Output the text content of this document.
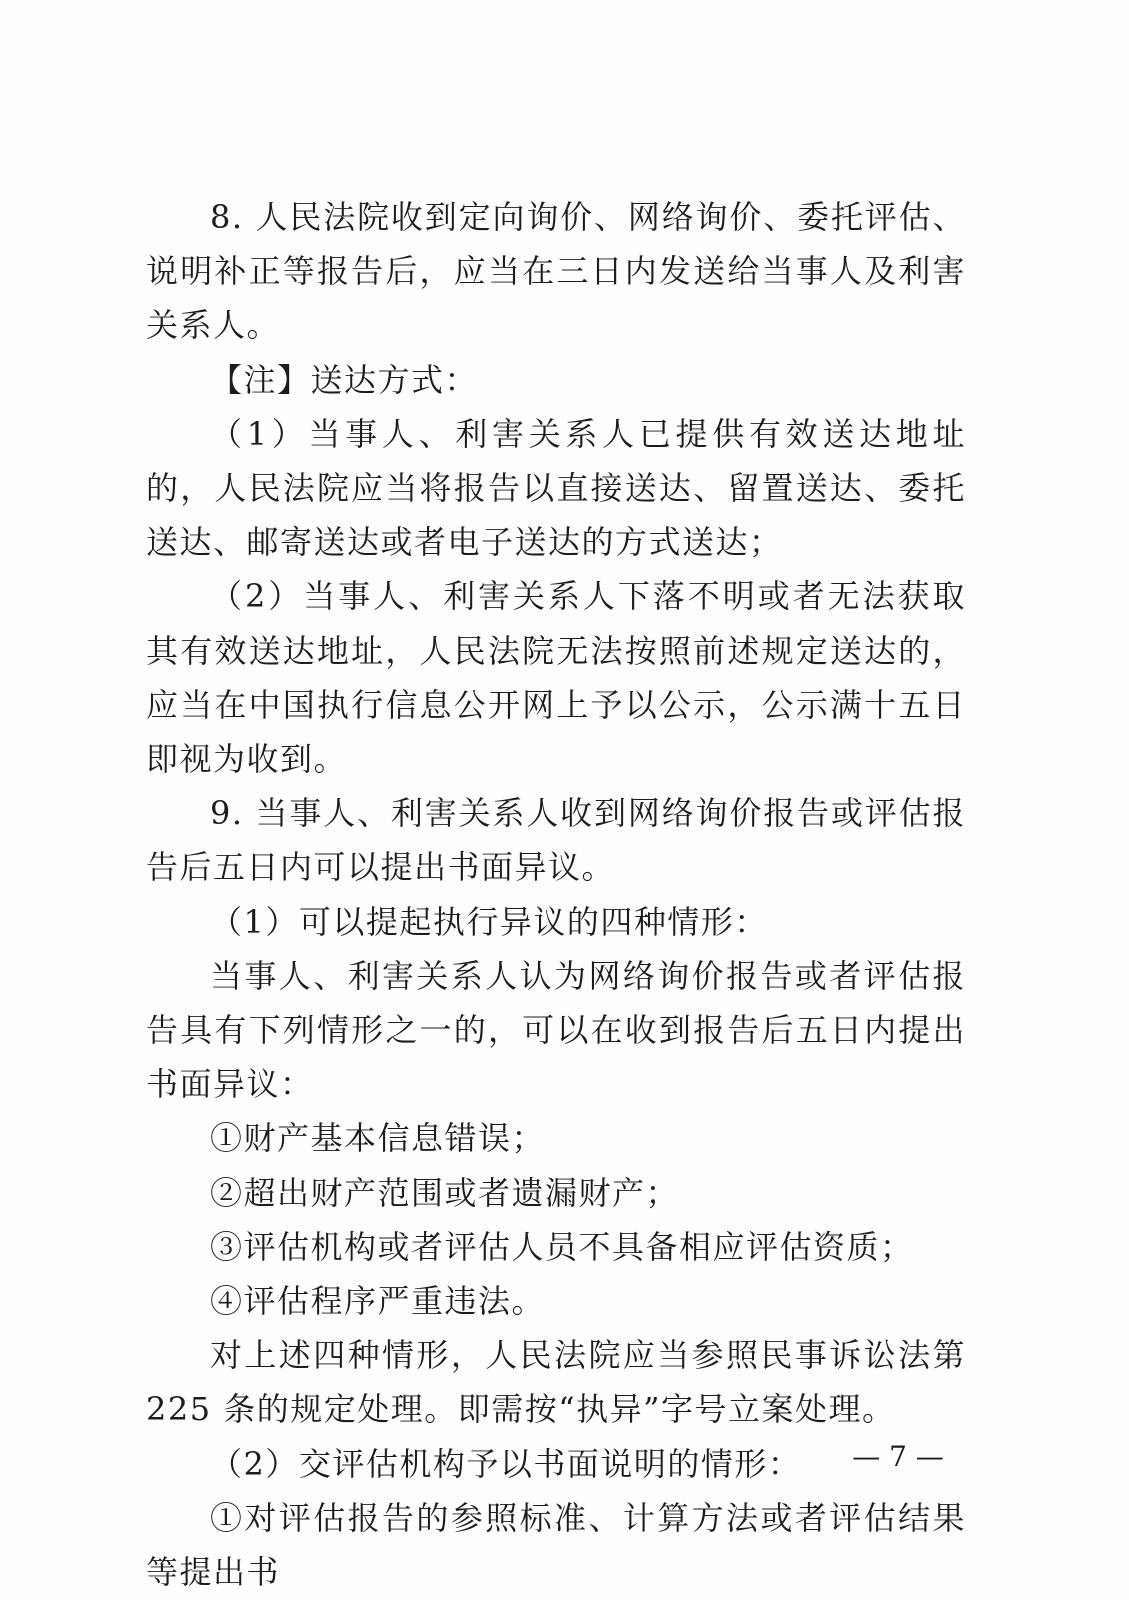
8. 人民法院收到定向询价、网络询价、委托评估、说明补正等报告后，应当在三日内发送给当事人及利害关系人。

【注】送达方式：

（1）当事人、利害关系人已提供有效送达地址的，人民法院应当将报告以直接送达、留置送达、委托送达、邮寄送达或者电子送达的方式送达；

（2）当事人、利害关系人下落不明或者无法获取其有效送达地址，人民法院无法按照前述规定送达的，应当在中国执行信息公开网上予以公示，公示满十五日即视为收到。

9. 当事人、利害关系人收到网络询价报告或评估报告后五日内可以提出书面异议。

（1）可以提起执行异议的四种情形：

当事人、利害关系人认为网络询价报告或者评估报告具有下列情形之一的，可以在收到报告后五日内提出书面异议：

①财产基本信息错误；

②超出财产范围或者遗漏财产；

③评估机构或者评估人员不具备相应评估资质；

④评估程序严重违法。

对上述四种情形，人民法院应当参照民事诉讼法第 225 条的规定处理。即需按“执异”字号立案处理。

（2）交评估机构予以书面说明的情形：

①对评估报告的参照标准、计算方法或者评估结果等提出书

— 7 —
